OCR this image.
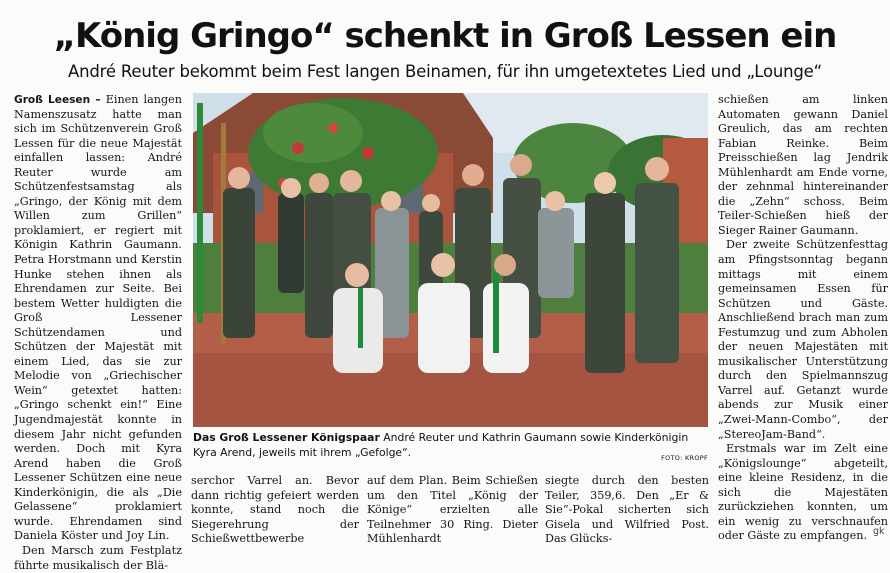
„König Gringo“ schenkt in Groß Lessen ein
André Reuter bekommt beim Fest langen Beinamen, für ihn umgetextetes Lied und „Lounge“

Groß Leesen – Einen langen Namenszusatz hatte man sich im Schützenverein Groß Lessen für die neue Majestät einfallen lassen: André Reuter wurde am Schützenfestsamstag als „Gringo, der König mit dem Willen zum Grillen“ proklamiert, er regiert mit Königin Kathrin Gaumann. Petra Horstmann und Kerstin Hunke stehen ihnen als Ehrendamen zur Seite. Bei bestem Wetter huldigten die Groß Lessener Schützendamen und Schützen der Majestät mit einem Lied, das sie zur Melodie von „Griechischer Wein“ getextet hatten: „Gringo schenkt ein!“ Eine Jugendmajestät konnte in diesem Jahr nicht gefunden werden. Doch mit Kyra Arend haben die Groß Lessener Schützen eine neue Kinderkönigin, die als „Die Gelassene“ proklamiert wurde. Ehrendamen sind Daniela Köster und Joy Lin.

Den Marsch zum Festplatz führte musikalisch der Blä-

Das Groß Lessener Königspaar André Reuter und Kathrin Gaumann sowie Kinderkönigin Kyra Arend, jeweils mit ihrem „Gefolge“.	FOTO: KROPF

serchor Varrel an. Bevor dann richtig gefeiert werden konnte, stand noch die Siegerehrung der Schießwettbewerbe

auf dem Plan. Beim Schießen um den Titel „König der Könige“ erzielten alle Teilnehmer 30 Ring. Dieter Mühlenhardt

siegte durch den besten Teiler, 359,6. Den „Er & Sie“-Pokal sicherten sich Gisela und Wilfried Post. Das Glücks-

schießen am linken Automaten gewann Daniel Greulich, das am rechten Fabian Reinke. Beim Preisschießen lag Jendrik Mühlenhardt am Ende vorne, der zehnmal hintereinander die „Zehn“ schoss. Beim Teiler-Schießen hieß der Sieger Rainer Gaumann.

Der zweite Schützenfesttag am Pfingstsonntag begann mittags mit einem gemeinsamen Essen für Schützen und Gäste. Anschließend brach man zum Festumzug und zum Abholen der neuen Majestäten mit musikalischer Unterstützung durch den Spielmannszug Varrel auf. Getanzt wurde abends zur Musik einer „Zwei-Mann-Combo“, der „StereoJam-Band“.

Erstmals war im Zelt eine „Königslounge“ abgeteilt, eine kleine Residenz, in die sich die Majestäten zurückziehen konnten, um ein wenig zu verschnaufen oder Gäste zu empfangen. gk
